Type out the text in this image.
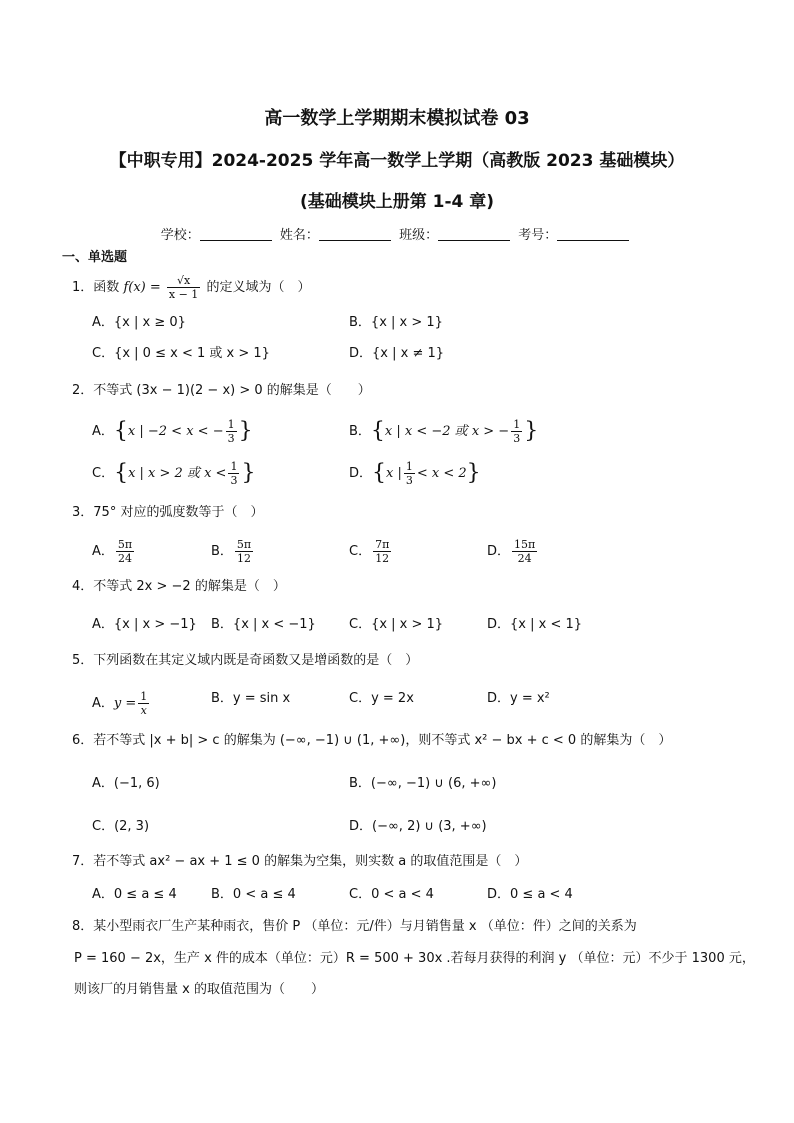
高一数学上学期期末模拟试卷 03
【中职专用】2024-2025 学年高一数学上学期（高教版 2023 基础模块）
(基础模块上册第 1-4 章)
学校：	姓名：	班级：	考号：
一、单选题
1．函数 $f(x) = \frac{√x}{x - 1}$ 的定义域为（　）
A．{x | x ≥ 0}	B．{x | x > 1}
C．{x | 0 ≤ x < 1 或 x > 1}	D．{x | x ≠ 1}
2．不等式 (3x − 1)(2 − x) > 0 的解集是（　　）
A．{x | −2 < x < − $\frac{1}{3}$ }	B．{x | x < −2 或 x > − $\frac{1}{3}$ }
C．{x | x > 2 或 $x < \frac{1}{3}$ }	D．{x | $\frac{1}{3} < x < 2$}
3．75° 对应的弧度数等于（　）
A． $\frac{5\pi}{24}$	B． $\frac{5\pi}{12}$	C． $\frac{7\pi}{12}$	D． $\frac{15\pi}{24}$
4．不等式 2x > −2 的解集是（　）
A．{x | x > −1} B．{x | x < −1}	C．{x | x > 1}	D．{x | x < 1}
5．下列函数在其定义域内既是奇函数又是增函数的是（　）
A．$y = \frac{1}{x}$	B．y = sin x	C．y = 2x	D．y = x²
6．若不等式 |x + b| > c 的解集为 (−∞, −1) ∪ (1, +∞)，则不等式 x² − bx + c < 0 的解集为（　）
A．(−1, 6)	B．(−∞, −1) ∪ (6, +∞)
C．(2, 3)	D．(−∞, 2) ∪ (3, +∞)
7．若不等式 ax² − ax + 1 ≤ 0 的解集为空集，则实数 a 的取值范围是（　）
A．0 ≤ a ≤ 4	B．0 < a ≤ 4	C．0 < a < 4	D．0 ≤ a < 4
8．某小型雨衣厂生产某种雨衣，售价 P （单位：元/件）与月销售量 x （单位：件）之间的关系为
P = 160 − 2x，生产 x 件的成本（单位：元）R = 500 + 30x .若每月获得的利润 y （单位：元）不少于 1300 元，
则该厂的月销售量 x 的取值范围为（　　）
